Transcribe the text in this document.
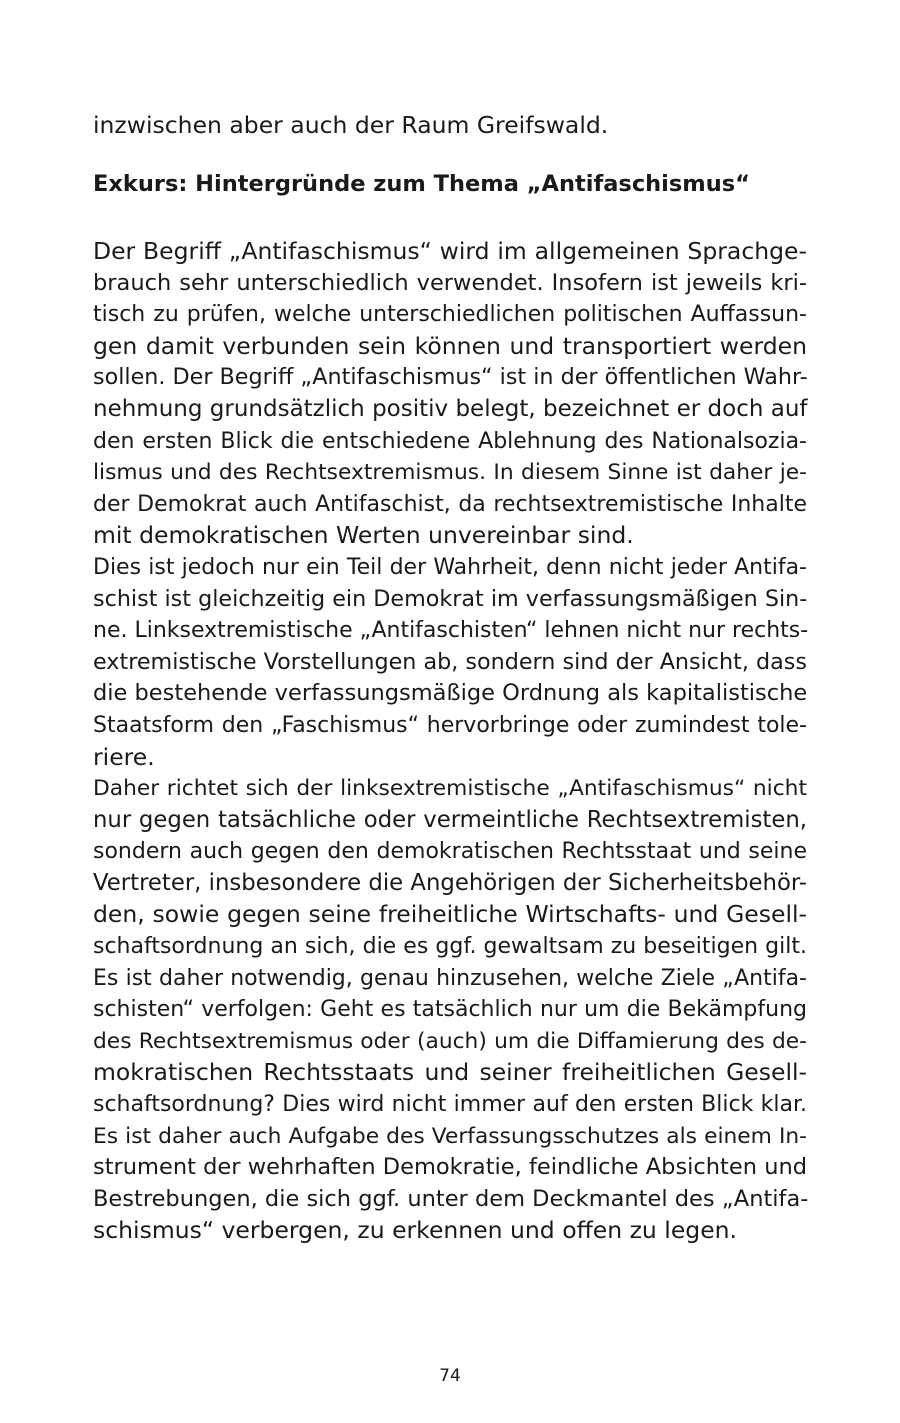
inzwischen aber auch der Raum Greifswald.

Exkurs: Hintergründe zum Thema „Antifaschismus“
Der Begriff „Antifaschismus“ wird im allgemeinen Sprachge-
brauch sehr unterschiedlich verwendet. Insofern ist jeweils kri-
tisch zu prüfen, welche unterschiedlichen politischen Auffassun-
gen damit verbunden sein können und transportiert werden
sollen. Der Begriff „Antifaschismus“ ist in der öffentlichen Wahr-
nehmung grundsätzlich positiv belegt, bezeichnet er doch auf
den ersten Blick die entschiedene Ablehnung des Nationalsozia-
lismus und des Rechtsextremismus. In diesem Sinne ist daher je-
der Demokrat auch Antifaschist, da rechtsextremistische Inhalte
mit demokratischen Werten unvereinbar sind.
Dies ist jedoch nur ein Teil der Wahrheit, denn nicht jeder Antifa-
schist ist gleichzeitig ein Demokrat im verfassungsmäßigen Sin-
ne. Linksextremistische „Antifaschisten“ lehnen nicht nur rechts-
extremistische Vorstellungen ab, sondern sind der Ansicht, dass
die bestehende verfassungsmäßige Ordnung als kapitalistische
Staatsform den „Faschismus“ hervorbringe oder zumindest tole-
riere.
Daher richtet sich der linksextremistische „Antifaschismus“ nicht
nur gegen tatsächliche oder vermeintliche Rechtsextremisten,
sondern auch gegen den demokratischen Rechtsstaat und seine
Vertreter, insbesondere die Angehörigen der Sicherheitsbehör-
den, sowie gegen seine freiheitliche Wirtschafts- und Gesell-
schaftsordnung an sich, die es ggf. gewaltsam zu beseitigen gilt.
Es ist daher notwendig, genau hinzusehen, welche Ziele „Antifa-
schisten“ verfolgen: Geht es tatsächlich nur um die Bekämpfung
des Rechtsextremismus oder (auch) um die Diffamierung des de-
mokratischen Rechtsstaats und seiner freiheitlichen Gesell-
schaftsordnung? Dies wird nicht immer auf den ersten Blick klar.
Es ist daher auch Aufgabe des Verfassungsschutzes als einem In-
strument der wehrhaften Demokratie, feindliche Absichten und
Bestrebungen, die sich ggf. unter dem Deckmantel des „Antifa-
schismus“ verbergen, zu erkennen und offen zu legen.
74
